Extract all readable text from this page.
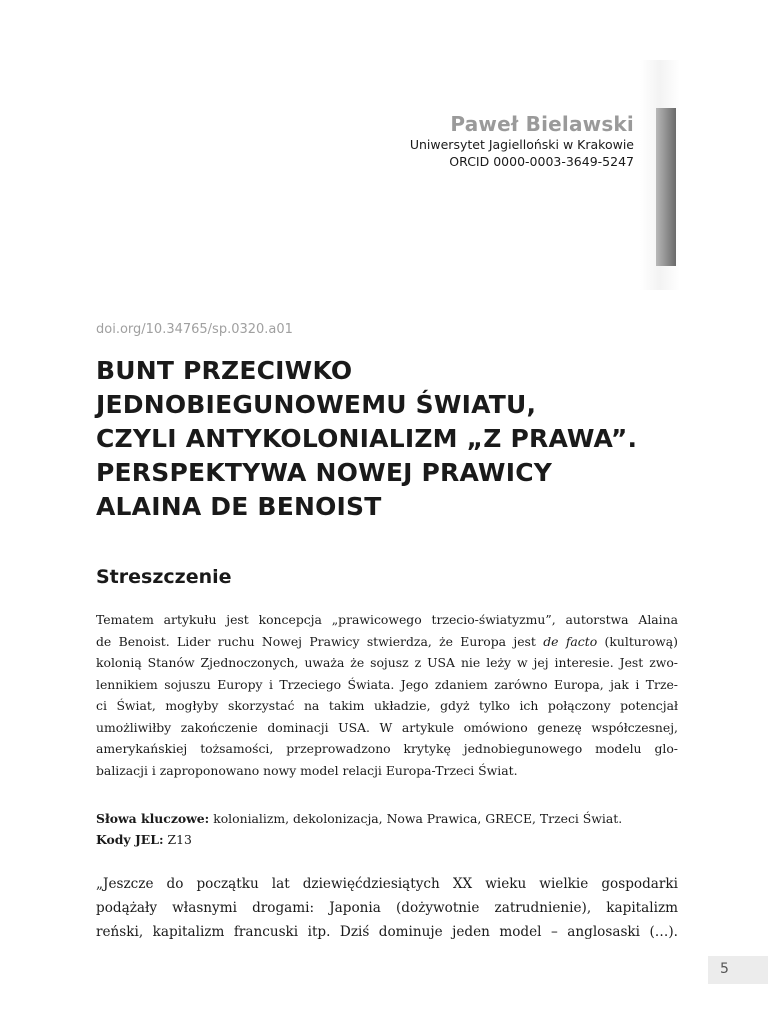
Paweł Bielawski
Uniwersytet Jagielloński w Krakowie
ORCID 0000-0003-3649-5247
doi.org/10.34765/sp.0320.a01
BUNT PRZECIWKO
JEDNOBIEGUNOWEMU ŚWIATU,
CZYLI ANTYKOLONIALIZM „Z PRAWA”.
PERSPEKTYWA NOWEJ PRAWICY
ALAINA DE BENOIST
Streszczenie
Tematem artykułu jest koncepcja „prawicowego trzecio-światyzmu”, autorstwa Alaina
de Benoist. Lider ruchu Nowej Prawicy stwierdza, że Europa jest de facto (kulturową)
kolonią Stanów Zjednoczonych, uważa że sojusz z USA nie leży w jej interesie. Jest zwo-
lennikiem sojuszu Europy i Trzeciego Świata. Jego zdaniem zarówno Europa, jak i Trze-
ci Świat, mogłyby skorzystać na takim układzie, gdyż tylko ich połączony potencjał
umożliwiłby zakończenie dominacji USA. W artykule omówiono genezę współczesnej,
amerykańskiej tożsamości, przeprowadzono krytykę jednobiegunowego modelu glo-
balizacji i zaproponowano nowy model relacji Europa-Trzeci Świat.
Słowa kluczowe: kolonializm, dekolonizacja, Nowa Prawica, GRECE, Trzeci Świat.
Kody JEL: Z13
„Jeszcze do początku lat dziewięćdziesiątych XX wieku wielkie gospodarki
podążały własnymi drogami: Japonia (dożywotnie zatrudnienie), kapitalizm
reński, kapitalizm francuski itp. Dziś dominuje jeden model – anglosaski (…).
5
